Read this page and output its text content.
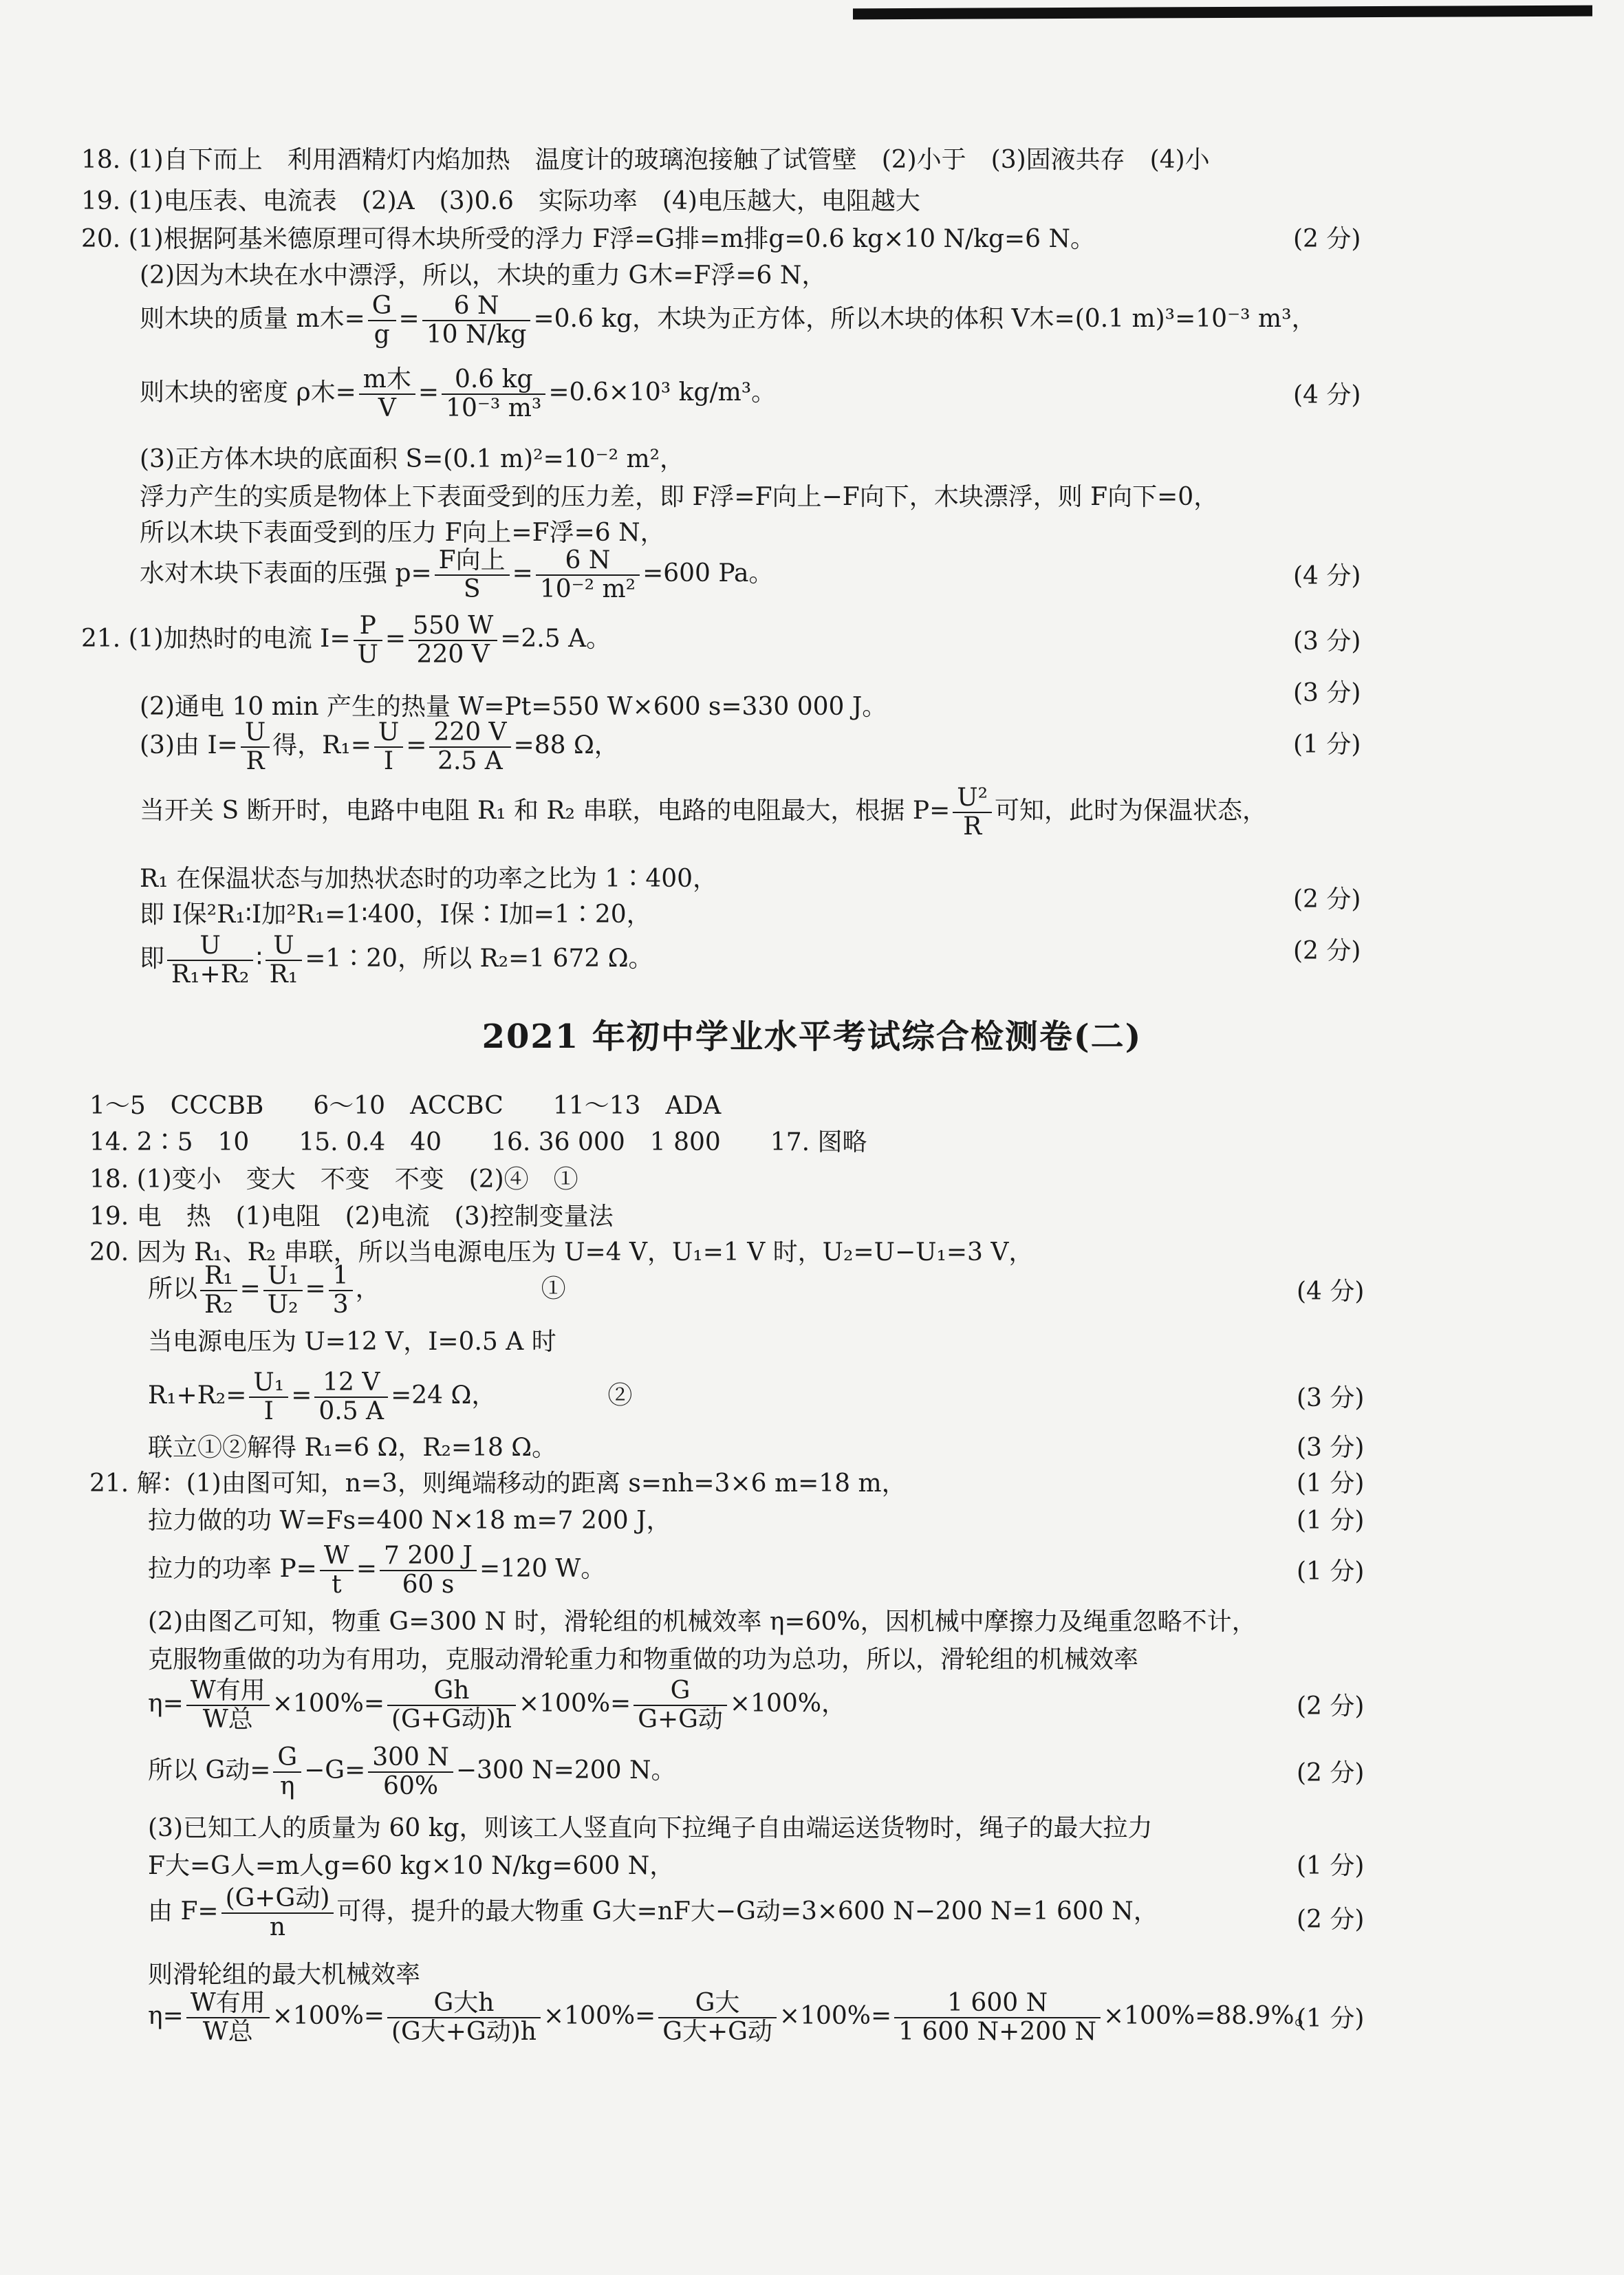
18. (1)自下而上　利用酒精灯内焰加热　温度计的玻璃泡接触了试管壁　(2)小于　(3)固液共存　(4)小
19. (1)电压表、电流表　(2)A　(3)0.6　实际功率　(4)电压越大，电阻越大
20. (1)根据阿基米德原理可得木块所受的浮力 F浮=G排=m排g=0.6 kg×10 N/kg=6 N。
(2)因为木块在水中漂浮，所以，木块的重力 G木=F浮=6 N，
(3)正方体木块的底面积 S=(0.1 m)²=10⁻² m²，
浮力产生的实质是物体上下表面受到的压力差，即 F浮=F向上−F向下，木块漂浮，则 F向下=0，
所以木块下表面受到的压力 F向上=F浮=6 N，
(2)通电 10 min 产生的热量 W=Pt=550 W×600 s=330 000 J。
R₁ 在保温状态与加热状态时的功率之比为 1∶400，
即 I保²R₁∶I加²R₁=1∶400，I保∶I加=1∶20，
1～5　CCCBB　　6～10　ACCBC　　11～13　ADA
14. 2∶5　10　　15. 0.4　40　　16. 36 000　1 800　　17. 图略
18. (1)变小　变大　不变　不变　(2)④　①
19. 电　热　(1)电阻　(2)电流　(3)控制变量法
20. 因为 R₁、R₂ 串联，所以当电源电压为 U=4 V，U₁=1 V 时，U₂=U−U₁=3 V，
当电源电压为 U=12 V，I=0.5 A 时
联立①②解得 R₁=6 Ω，R₂=18 Ω。
21. 解：(1)由图可知，n=3，则绳端移动的距离 s=nh=3×6 m=18 m，
拉力做的功 W=Fs=400 N×18 m=7 200 J，
(2)由图乙可知，物重 G=300 N 时，滑轮组的机械效率 η=60%，因机械中摩擦力及绳重忽略不计，
克服物重做的功为有用功，克服动滑轮重力和物重做的功为总功，所以，滑轮组的机械效率
(3)已知工人的质量为 60 kg，则该工人竖直向下拉绳子自由端运送货物时，绳子的最大拉力
F大=G人=m人g=60 kg×10 N/kg=600 N，
则滑轮组的最大机械效率
则木块的质量 m木= $\frac{G}{g} = \frac{6 N}{10 N/kg} =0.6$ kg，木块为正方体，所以木块的体积 V木=(0.1 m)³=10⁻³ m³，
则木块的密度 ρ木= $\frac{\text{m木}}{V} = \frac{0.6 kg}{\text{10⁻³ m³}} =0.6\times 10^3$ kg/m³。
水对木块下表面的压强 $p= \frac{\text{F向上}}{S} = \frac{6 N}{\text{10⁻² m²}} =600$ Pa。
21. (1)加热时的电流 $I= \frac{P}{U} = \frac{550 W}{220 V} =2.5$ A。
(3)由 $I= \frac{U}{R}$ 得，$R_1= \frac{U}{I} = \frac{220 V}{2.5 A} =88$ Ω，
当开关 S 断开时，电路中电阻 R₁ 和 R₂ 串联，电路的电阻最大，根据 $P= \frac{\text{U²}}{R}$ 可知，此时为保温状态，
即 $\frac{U}{\text{R₁+R₂}}$ ∶ $\frac{U}{\text{R₁}}$ =1∶20，所以 R₂=1 672 Ω。
所以 $\frac{\text{R₁}}{\text{R₂}} = \frac{\text{U₁}}{\text{U₂}} = \frac{1}{3}$ ，　　　　　　　①
$R_1+R_2= \frac{\text{U₁}}{I} = \frac{12 V}{0.5 A} =24$ Ω，　　　　　②
拉力的功率 $P= \frac{W}{t} = \frac{7 200 J}{60 s} =120$ W。
$\eta= \frac{\text{W有用}}{\text{W总}} \times 100\%= \frac{Gh}{\text{(G+G动)h}} \times 100\%= \frac{G}{\text{G+G动}} \times 100\%$，
所以 G动= $\frac{G}{\eta} -G= \frac{300 N}{60\%} -300$ N=200 N。
由 $F= \frac{\text{(G+G动)}}{n}$ 可得，提升的最大物重 G大=nF大−G动=3×600 N−200 N=1 600 N，
$\eta= \frac{\text{W有用}}{\text{W总}} \times 100\%= \frac{\text{G大h}}{\text{(G大+G动)h}} \times 100\%= \frac{\text{G大}}{\text{G大+G动}} \times 100\%= \frac{1 600 N}{1 600 N+200 N} \times 100\%=88.9\%$。
2021 年初中学业水平考试综合检测卷(二)
(2 分)
(4 分)
(4 分)
(3 分)
(3 分)
(1 分)
(2 分)
(2 分)
(4 分)
(3 分)
(3 分)
(1 分)
(1 分)
(1 分)
(2 分)
(2 分)
(1 分)
(2 分)
(1 分)
